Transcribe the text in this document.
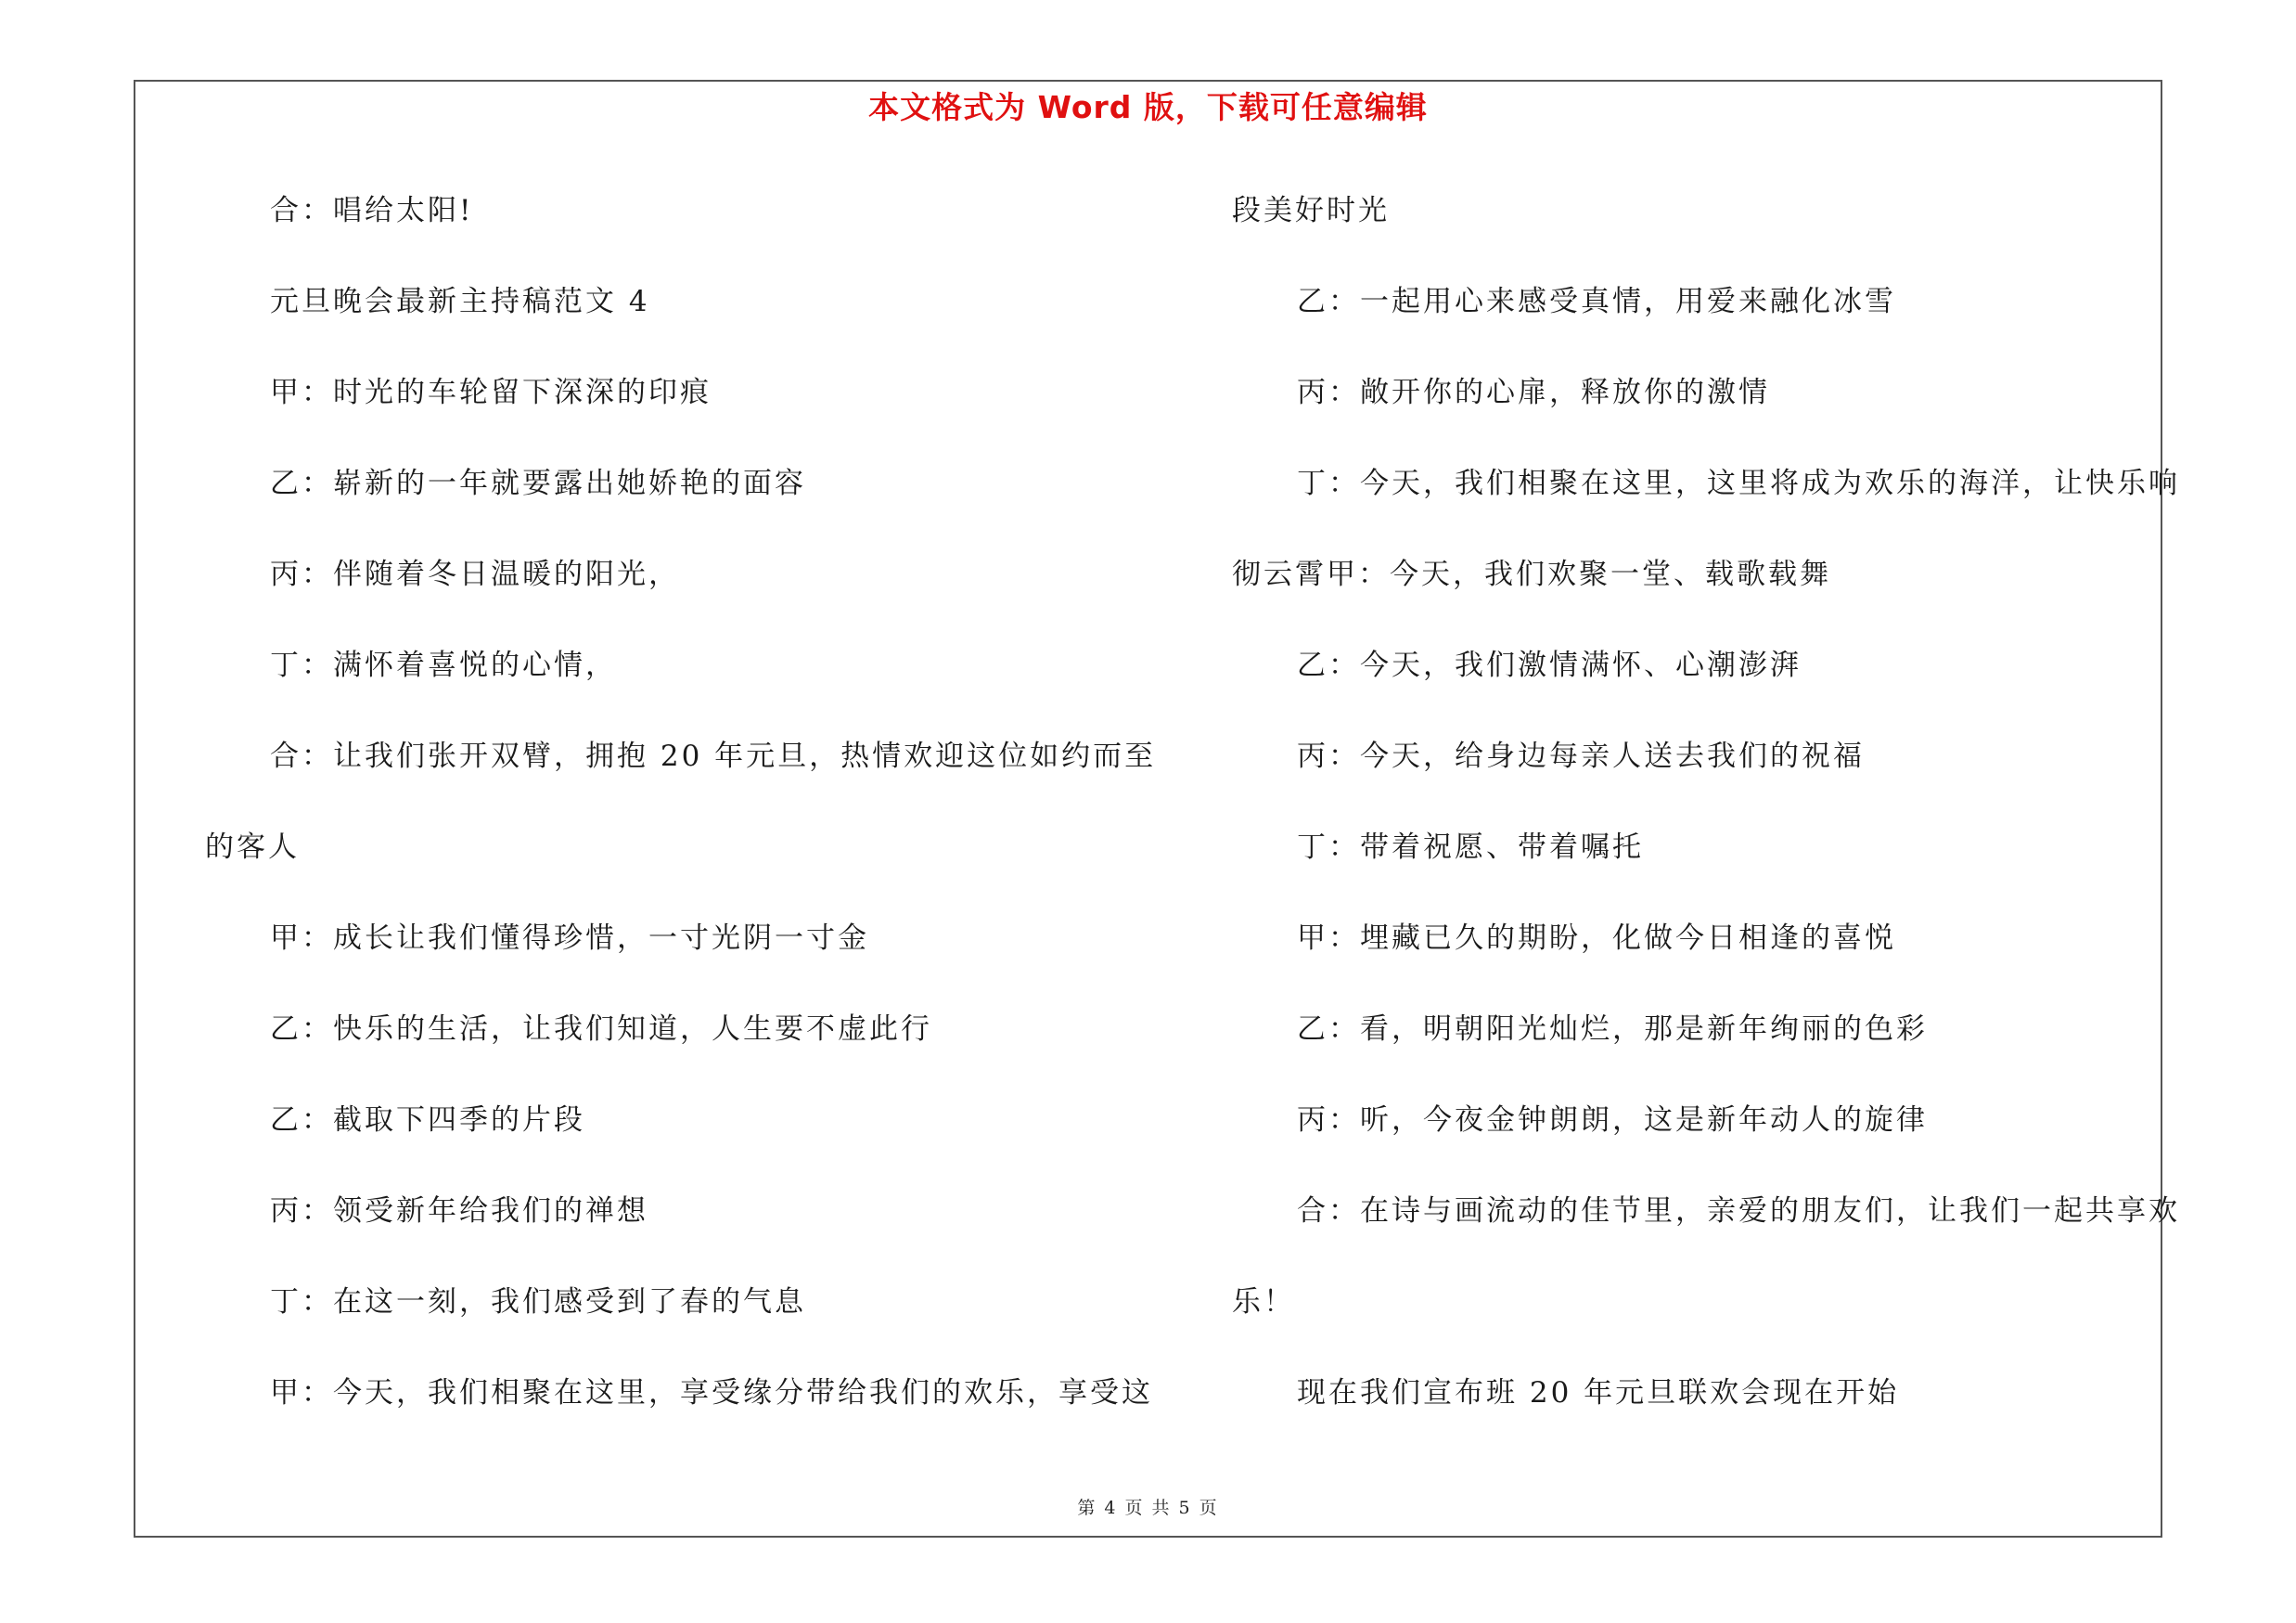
本文格式为 Word 版，下载可任意编辑
合：唱给太阳!
元旦晚会最新主持稿范文 4
甲：时光的车轮留下深深的印痕
乙：崭新的一年就要露出她娇艳的面容
丙：伴随着冬日温暖的阳光，
丁：满怀着喜悦的心情，
合：让我们张开双臂，拥抱 20 年元旦，热情欢迎这位如约而至
的客人
甲：成长让我们懂得珍惜，一寸光阴一寸金
乙：快乐的生活，让我们知道，人生要不虚此行
乙：截取下四季的片段
丙：领受新年给我们的禅想
丁：在这一刻，我们感受到了春的气息
甲：今天，我们相聚在这里，享受缘分带给我们的欢乐，享受这
段美好时光
乙：一起用心来感受真情，用爱来融化冰雪
丙：敞开你的心扉，释放你的激情
丁：今天，我们相聚在这里，这里将成为欢乐的海洋，让快乐响
彻云霄甲：今天，我们欢聚一堂、载歌载舞
乙：今天，我们激情满怀、心潮澎湃
丙：今天，给身边每亲人送去我们的祝福
丁：带着祝愿、带着嘱托
甲：埋藏已久的期盼，化做今日相逢的喜悦
乙：看，明朝阳光灿烂，那是新年绚丽的色彩
丙：听，今夜金钟朗朗，这是新年动人的旋律
合：在诗与画流动的佳节里，亲爱的朋友们，让我们一起共享欢
乐！
现在我们宣布班 20 年元旦联欢会现在开始
第 4 页 共 5 页
